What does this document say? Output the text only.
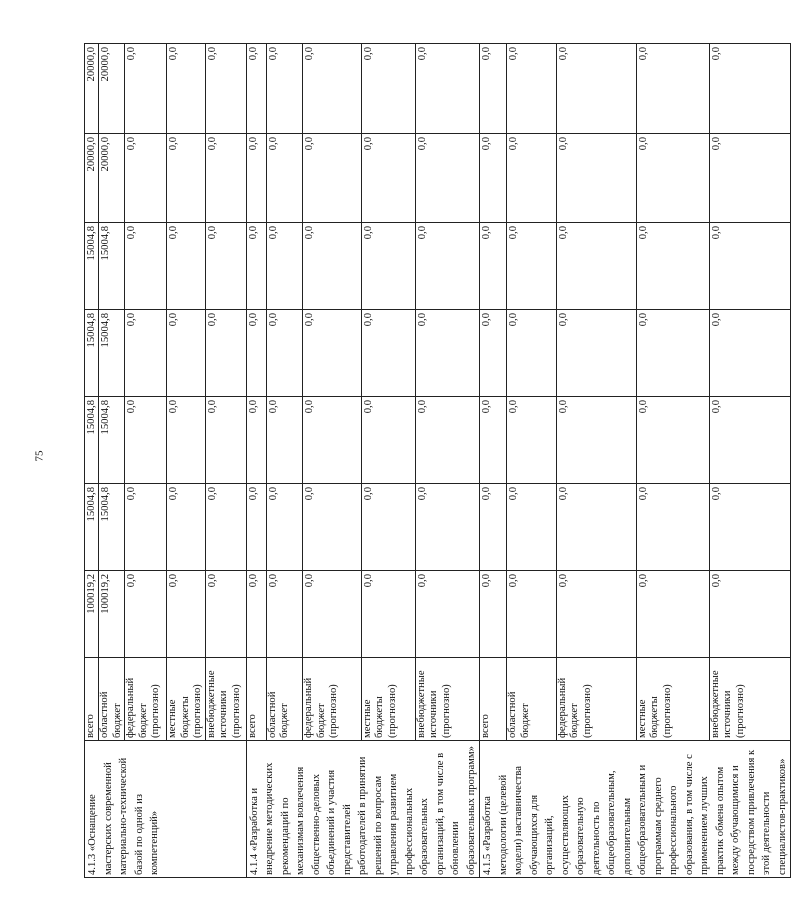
75
4.1.3 «Оснащение мастерских современной материально-технической базой по одной из компетенций»	всего	100019,2	15004,8	15004,8	15004,8	15004,8	20000,0	20000,0
	областной бюджет	100019,2	15004,8	15004,8	15004,8	15004,8	20000,0	20000,0
	федеральный бюджет (прогнозно)	0,0	0,0	0,0	0,0	0,0	0,0	0,0
	местные бюджеты (прогнозно)	0,0	0,0	0,0	0,0	0,0	0,0	0,0
	внебюджетные источники (прогнозно)	0,0	0,0	0,0	0,0	0,0	0,0	0,0
4.1.4 «Разработка и внедрение методических рекомендаций по механизмам вовлечения общественно-деловых объединений и участия представителей работодателей в принятии решений по вопросам управления развитием профессиональных образовательных организаций, в том числе в обновлении образовательных программ»	всего	0,0	0,0	0,0	0,0	0,0	0,0	0,0
	областной бюджет	0,0	0,0	0,0	0,0	0,0	0,0	0,0
	федеральный бюджет (прогнозно)	0,0	0,0	0,0	0,0	0,0	0,0	0,0
	местные бюджеты (прогнозно)	0,0	0,0	0,0	0,0	0,0	0,0	0,0
	внебюджетные источники (прогнозно)	0,0	0,0	0,0	0,0	0,0	0,0	0,0
4.1.5 «Разработка методологии (целевой модели) наставничества обучающихся для организаций, осуществляющих образовательную деятельность по общеобразовательным, дополнительным общеобразовательным и программам среднего профессионального образования, в том числе с применением лучших практик обмена опытом между обучающимися и посредством привлечения к этой деятельности специалистов-практиков»	всего	0,0	0,0	0,0	0,0	0,0	0,0	0,0
	областной бюджет	0,0	0,0	0,0	0,0	0,0	0,0	0,0
	федеральный бюджет (прогнозно)	0,0	0,0	0,0	0,0	0,0	0,0	0,0
	местные бюджеты (прогнозно)	0,0	0,0	0,0	0,0	0,0	0,0	0,0
	внебюджетные источники (прогнозно)	0,0	0,0	0,0	0,0	0,0	0,0	0,0
